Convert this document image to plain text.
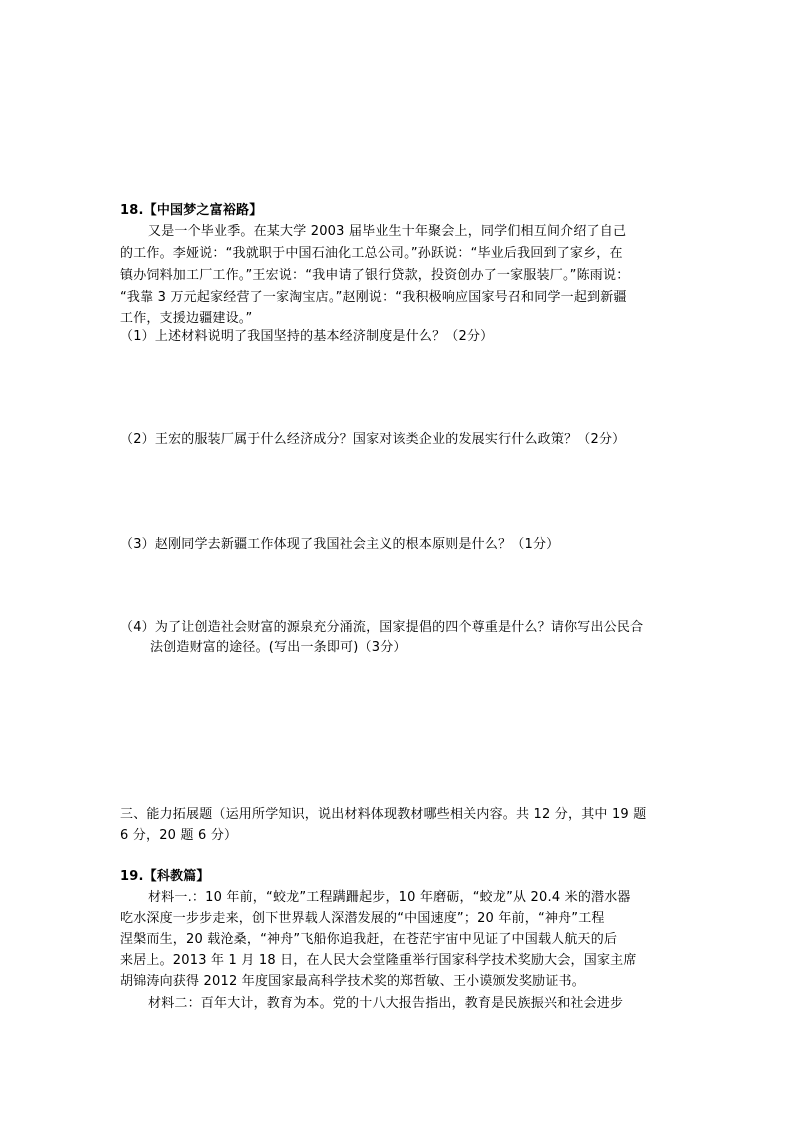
18.【中国梦之富裕路】
又是一个毕业季。在某大学 2003 届毕业生十年聚会上，同学们相互间介绍了自己
的工作。李娅说：“我就职于中国石油化工总公司。”孙跃说：“毕业后我回到了家乡，在
镇办饲料加工厂工作。”王宏说：“我申请了银行贷款，投资创办了一家服装厂。”陈雨说：
“我靠 3 万元起家经营了一家淘宝店。”赵刚说：“我积极响应国家号召和同学一起到新疆
工作，支援边疆建设。”
（1）上述材料说明了我国坚持的基本经济制度是什么？（2分）
（2）王宏的服装厂属于什么经济成分？国家对该类企业的发展实行什么政策？（2分）
（3）赵刚同学去新疆工作体现了我国社会主义的根本原则是什么？（1分）
（4）为了让创造社会财富的源泉充分涌流，国家提倡的四个尊重是什么？请你写出公民合
法创造财富的途径。(写出一条即可)（3分）
三、能力拓展题（运用所学知识，说出材料体现教材哪些相关内容。共 12 分，其中 19 题
6 分，20 题 6 分）
19.【科教篇】
材料一.：10 年前，“蛟龙”工程蹒跚起步，10 年磨砺，“蛟龙”从 20.4 米的潜水器
吃水深度一步步走来，创下世界载人深潜发展的“中国速度”；20 年前，“神舟”工程
涅槃而生，20 载沧桑，“神舟”飞船你追我赶，在苍茫宇宙中见证了中国载人航天的后
来居上。2013 年 1 月 18 日，在人民大会堂隆重举行国家科学技术奖励大会，国家主席
胡锦涛向获得 2012 年度国家最高科学技术奖的郑哲敏、王小谟颁发奖励证书。
材料二：百年大计，教育为本。党的十八大报告指出，教育是民族振兴和社会进步
